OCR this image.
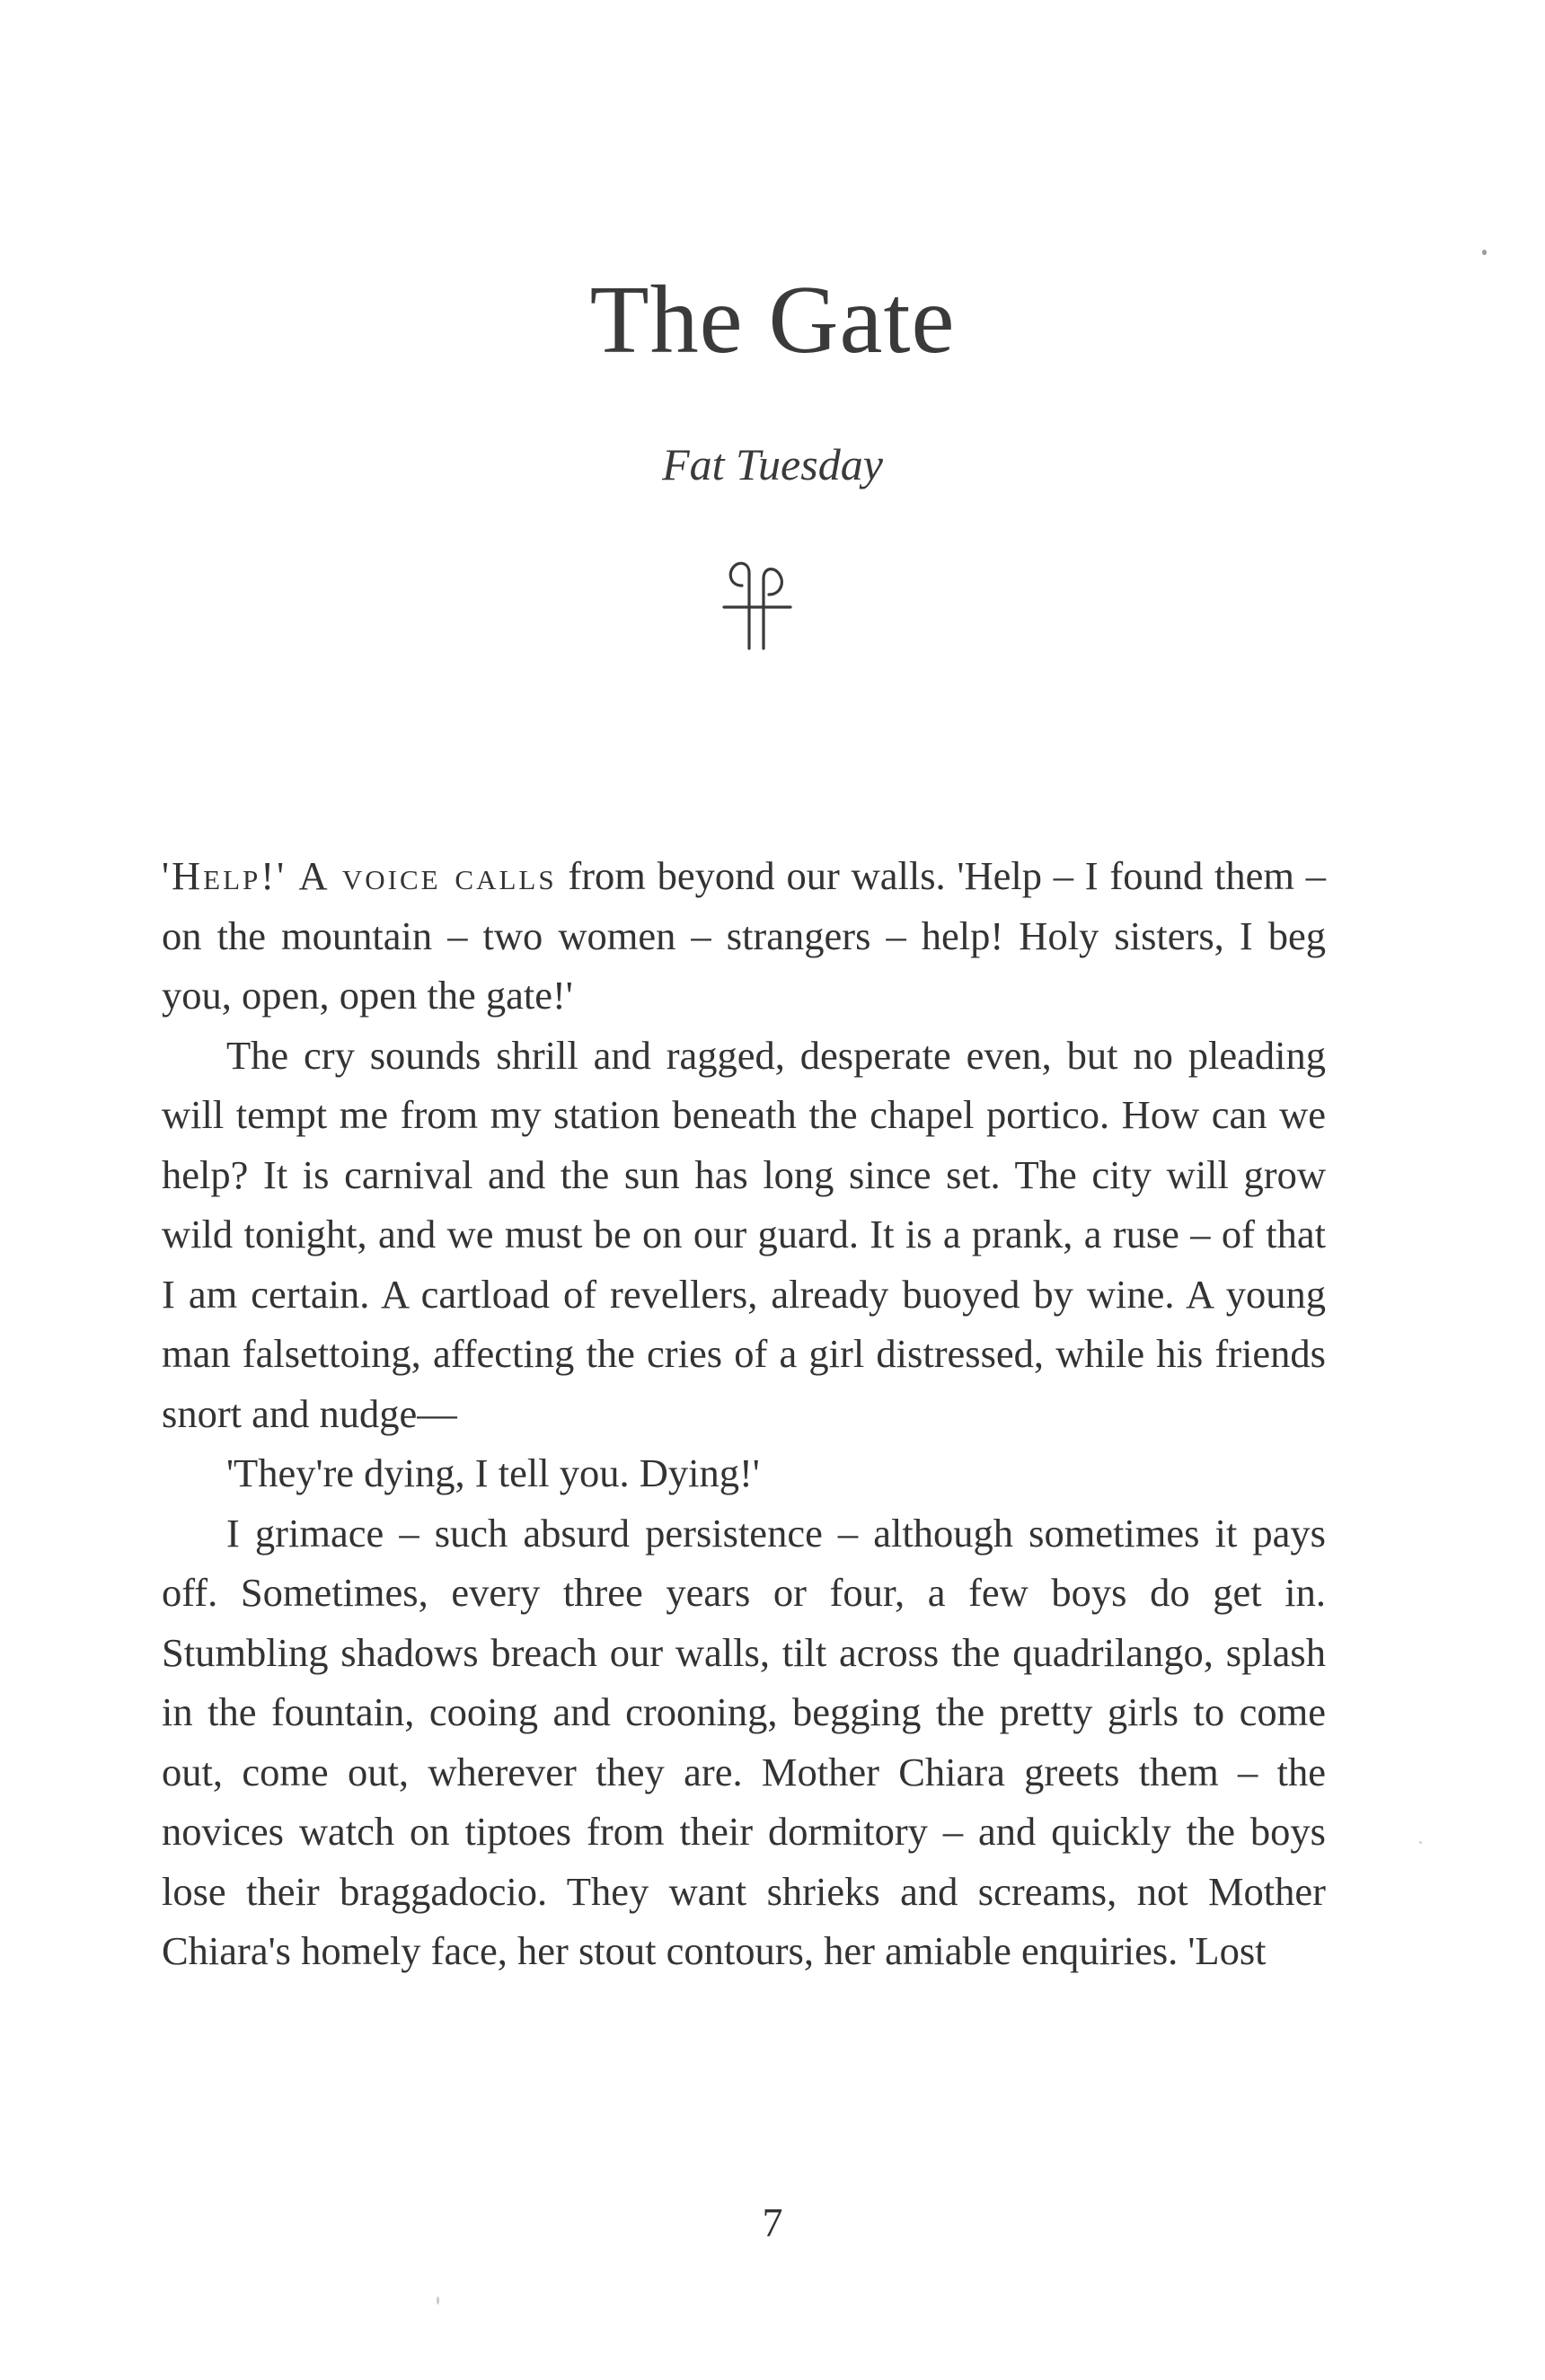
The Gate
Fat Tuesday

'Help!' A voice calls from beyond our walls. 'Help – I found them – on the mountain – two women – strangers – help! Holy sisters, I beg you, open, open the gate!'

The cry sounds shrill and ragged, desperate even, but no pleading will tempt me from my station beneath the chapel portico. How can we help? It is carnival and the sun has long since set. The city will grow wild tonight, and we must be on our guard. It is a prank, a ruse – of that I am certain. A cartload of revellers, already buoyed by wine. A young man falsettoing, affecting the cries of a girl distressed, while his friends snort and nudge—

'They're dying, I tell you. Dying!'

I grimace – such absurd persistence – although sometimes it pays off. Sometimes, every three years or four, a few boys do get in. Stumbling shadows breach our walls, tilt across the quadrilango, splash in the fountain, cooing and crooning, begging the pretty girls to come out, come out, wherever they are. Mother Chiara greets them – the novices watch on tiptoes from their dormitory – and quickly the boys lose their braggadocio. They want shrieks and screams, not Mother Chiara's homely face, her stout contours, her amiable enquiries. 'Lost

7
